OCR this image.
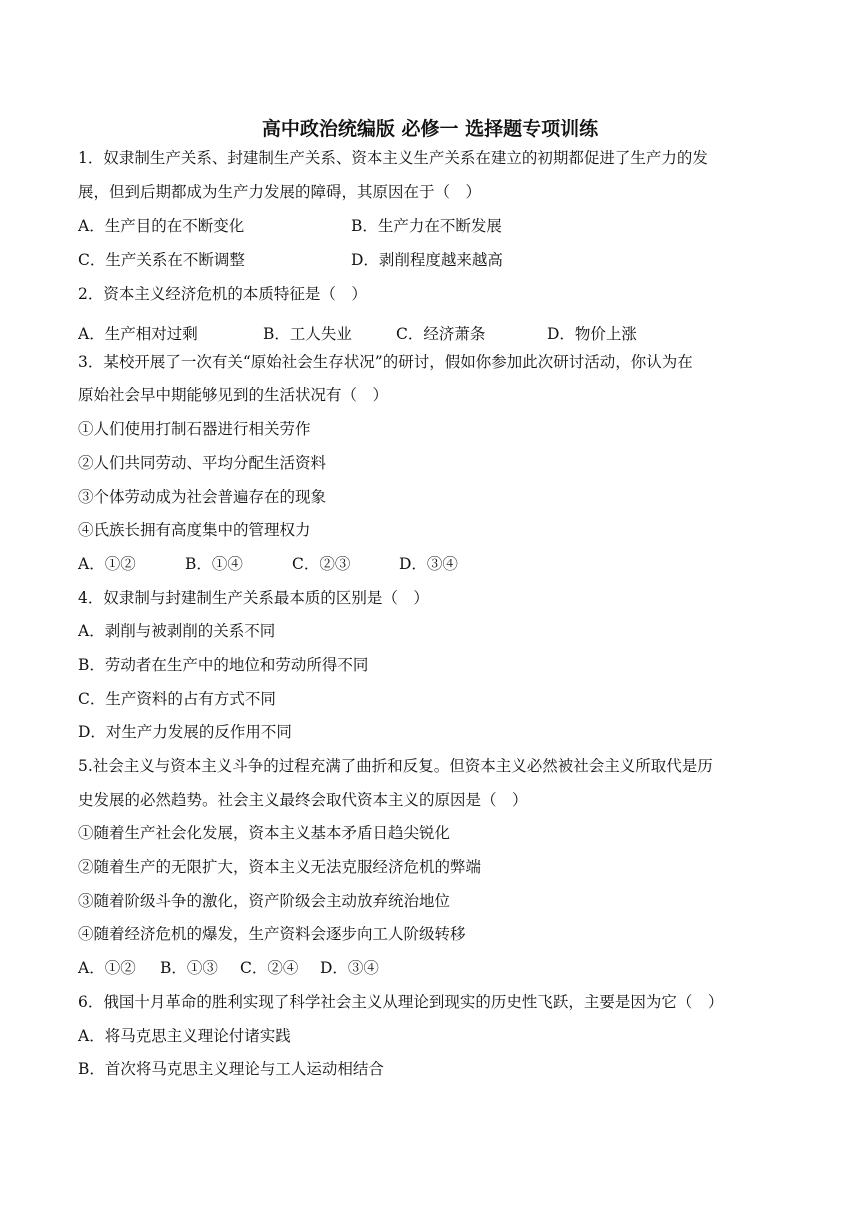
高中政治统编版 必修一 选择题专项训练
1．奴隶制生产关系、封建制生产关系、资本主义生产关系在建立的初期都促进了生产力的发
展，但到后期都成为生产力发展的障碍，其原因在于（　）
A．生产目的在不断变化	B．生产力在不断发展
C．生产关系在不断调整	D．剥削程度越来越高
2．资本主义经济危机的本质特征是（　）
A．生产相对过剩	B．工人失业	C．经济萧条	D．物价上涨
3．某校开展了一次有关“原始社会生存状况”的研讨，假如你参加此次研讨活动，你认为在
原始社会早中期能够见到的生活状况有（　）
①人们使用打制石器进行相关劳作
②人们共同劳动、平均分配生活资料
③个体劳动成为社会普遍存在的现象
④氏族长拥有高度集中的管理权力
A．①②	B．①④	C．②③	D．③④
4．奴隶制与封建制生产关系最本质的区别是（　）
A．剥削与被剥削的关系不同
B．劳动者在生产中的地位和劳动所得不同
C．生产资料的占有方式不同
D．对生产力发展的反作用不同
5.社会主义与资本主义斗争的过程充满了曲折和反复。但资本主义必然被社会主义所取代是历
史发展的必然趋势。社会主义最终会取代资本主义的原因是（　）
①随着生产社会化发展，资本主义基本矛盾日趋尖锐化
②随着生产的无限扩大，资本主义无法克服经济危机的弊端
③随着阶级斗争的激化，资产阶级会主动放弃统治地位
④随着经济危机的爆发，生产资料会逐步向工人阶级转移
A．①② B．①③ C．②④ D．③④
6．俄国十月革命的胜利实现了科学社会主义从理论到现实的历史性飞跃，主要是因为它（　）
A．将马克思主义理论付诸实践
B．首次将马克思主义理论与工人运动相结合
